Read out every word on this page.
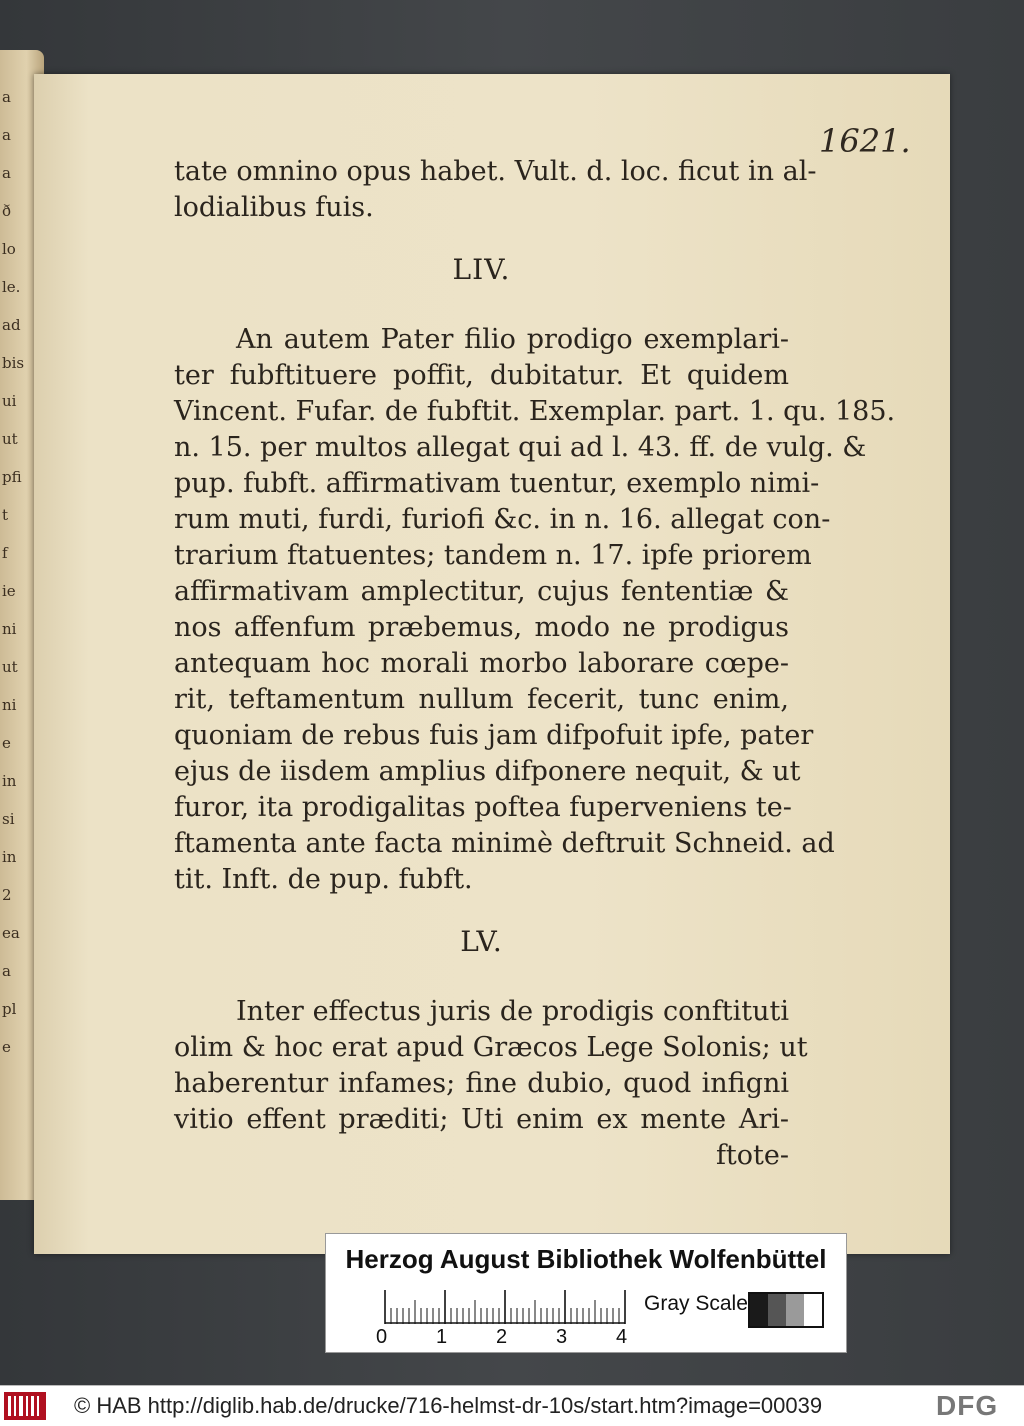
a
a
a
ð
lo
le.
ad
bis
ui
ut
pfi
t
f
ie
ni
ut
ni
e
in
si
in
2
ea
a
pl
e
1621.
tate omnino opus habet. Vult. d. loc. ficut in al-
lodialibus fuis.
LIV.
An autem Pater filio prodigo exemplari-
ter fubftituere poffit, dubitatur. Et quidem
Vincent. Fufar. de fubftit. Exemplar. part. 1. qu. 185.
n. 15. per multos allegat qui ad l. 43. ff. de vulg. &
pup. fubft. affirmativam tuentur, exemplo nimi-
rum muti, furdi, furiofi &c. in n. 16. allegat con-
trarium ftatuentes; tandem n. 17. ipfe priorem
affirmativam amplectitur, cujus fententiæ &
nos affenfum præbemus, modo ne prodigus
antequam hoc morali morbo laborare cœpe-
rit, teftamentum nullum fecerit, tunc enim,
quoniam de rebus fuis jam difpofuit ipfe, pater
ejus de iisdem amplius difponere nequit, & ut
furor, ita prodigalitas poftea fuperveniens te-
ftamenta ante facta minimè deftruit Schneid. ad
tit. Inft. de pup. fubft.
LV.
Inter effectus juris de prodigis conftituti
olim & hoc erat apud Græcos Lege Solonis; ut
haberentur infames; fine dubio, quod infigni
vitio effent præditi; Uti enim ex mente Ari-
ftote-
Herzog August Bibliothek Wolfenbüttel
0 1 2 3 4
Gray Scale
© HAB http://diglib.hab.de/drucke/716-helmst-dr-10s/start.htm?image=00039	DFG
